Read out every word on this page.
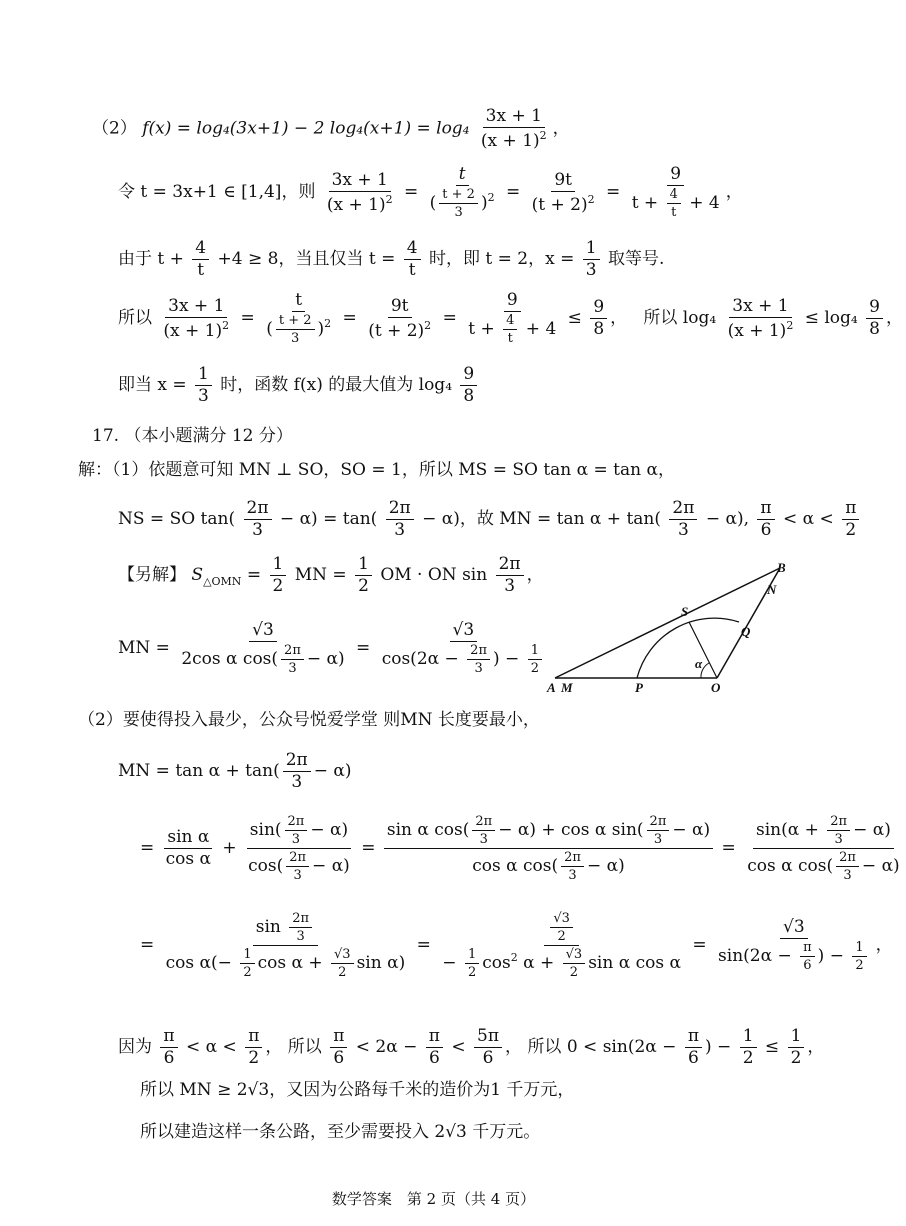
（2） f(x) = log₄(3x+1) − 2 $\log_4(x+1) = \log_4 \frac{3x + 1}{(x + 1)^2}$ ，
令 t = 3x+1 ∈ [1,4]，则 $\frac{3x + 1}{(x + 1)^2} = \frac{t}{( \frac{t + 2}{3} )^2} = \frac{9t}{(t + 2)^2} = \frac{9}{t + \frac{4}{t} + 4}$ ，
由于 $t + \frac{4}{t} +4 \ge 8$，当且仅当 $t = \frac{4}{t}$ 时，即 t = 2，$x = \frac{1}{3}$ 取等号.
所以 $\frac{3x + 1}{(x + 1)^2} = \frac{t}{( \frac{t + 2}{3} )^2} = \frac{9t}{(t + 2)^2} = \frac{9}{t + \frac{4}{t} + 4} \le \frac{9}{8}$ ，   所以 $\log_4 \frac{3x + 1}{(x + 1)^2} \le \log_4 \frac{9}{8}$ ，
即当 $x = \frac{1}{3}$ 时，函数 f(x) 的最大值为 $\log_4 \frac{9}{8}$
17. （本小题满分 12 分）
解：（1）依题意可知 MN ⊥ SO，SO = 1，所以 MS = SO tan α = tan α，
NS = SO $\tan( \frac{2\pi}{3} - \alpha) = \tan( \frac{2\pi}{3} - \alpha)$，故 MN = $\tan \alpha + \tan( \frac{2\pi}{3} - \alpha)$, $\frac{\pi}{6} < \alpha < \frac{\pi}{2}$
【另解】 $S_{\triangle OMN} = \frac{1}{2}$ MN = $\frac{1}{2}$ OM · ON $\sin \frac{2\pi}{3}$ ，
MN = $\frac{√3}{2\cos \alpha \cos( \frac{2\pi}{3} - \alpha)} = \frac{√3}{\cos(2\alpha - \frac{2\pi}{3} ) - \frac{1}{2}}$
A M	P	O
S
Q
N
B
α
（2）要使得投入最少，公众号悦爱学堂 则MN 长度要最小，
MN = $\tan \alpha + \tan( \frac{2\pi}{3} - \alpha)$
= $\frac{\text{sin α}}{\text{cos α}} + \frac{\sin( \frac{2\pi}{3} - \alpha)}{\cos( \frac{2\pi}{3} - \alpha)} = \frac{\sin \alpha \cos( \frac{2\pi}{3} - \alpha) + \cos \alpha \sin( \frac{2\pi}{3} - \alpha)}{\cos \alpha \cos( \frac{2\pi}{3} - \alpha)} = \frac{\sin(\alpha + \frac{2\pi}{3} - \alpha)}{\cos \alpha \cos( \frac{2\pi}{3} - \alpha)}$
= $\frac{\sin \frac{2\pi}{3}}{\cos \alpha(- \frac{1}{2} \cos \alpha + \frac{√3}{2} \sin \alpha)} = \frac{\frac{√3}{2}}{- \frac{1}{2} \cos^2 \alpha + \frac{√3}{2} \sin \alpha \cos \alpha} = \frac{√3}{\sin(2\alpha - \frac{\pi}{6} ) - \frac{1}{2}}$ ，
因为 $\frac{\pi}{6} < \alpha < \frac{\pi}{2}$ ， 所以 $\frac{\pi}{6} < 2\alpha - \frac{\pi}{6} < \frac{5\pi}{6}$ ， 所以 $0 < \sin(2\alpha - \frac{\pi}{6}$ ) − $\frac{1}{2} \le \frac{1}{2}$ ，
所以 MN ≥ 2√3，又因为公路每千米的造价为1 千万元，
所以建造这样一条公路，至少需要投入 2√3 千万元。
数学答案　第 2 页（共 4 页）
